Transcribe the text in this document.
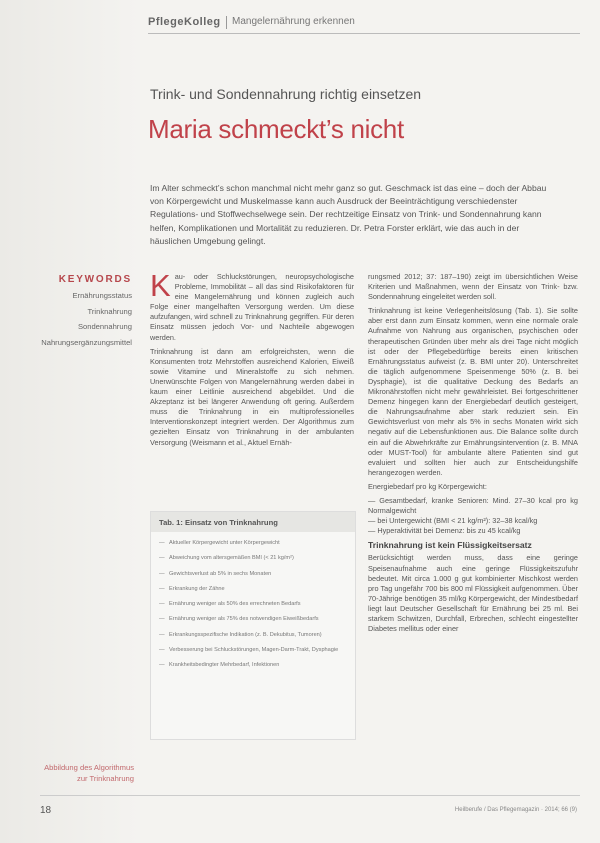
PflegeKolleg Mangelernährung erkennen
Trink- und Sondennahrung richtig einsetzen
Maria schmeckt’s nicht
Im Alter schmeckt’s schon manchmal nicht mehr ganz so gut. Geschmack ist das eine – doch der Abbau von Körpergewicht und Muskelmasse kann auch Ausdruck der Beeinträchtigung verschiedenster Regulations- und Stoffwechselwege sein. Der rechtzeitige Einsatz von Trink- und Sondennahrung kann helfen, Komplikationen und Mortalität zu reduzieren. Dr. Petra Forster erklärt, wie das auch in der häuslichen Umgebung gelingt.
KEYWORDS
Ernährungsstatus
Trinknahrung
Sondennahrung
Nahrungsergänzungsmittel

Kau- oder Schluckstörungen, neuropsychologische Probleme, Immobilität – all das sind Risikofaktoren für eine Mangelernährung und können zugleich auch Folge einer mangelhaften Versorgung werden. Um diese aufzufangen, wird schnell zu Trinknahrung gegriffen. Für deren Einsatz müssen jedoch Vor- und Nachteile abgewogen werden.

Trinknahrung ist dann am erfolgreichsten, wenn die Konsumenten trotz Mehrstoffen ausreichend Kalorien, Eiweiß sowie Vitamine und Mineralstoffe zu sich nehmen. Unerwünschte Folgen von Mangelernährung werden dabei in kaum einer Leitlinie ausreichend abgebildet. Und die Akzeptanz ist bei längerer Anwendung oft gering. Außerdem muss die Trinknahrung in ein multiprofessionelles Interventionskonzept integriert werden. Der Algorithmus zum gezielten Einsatz von Trinknahrung in der ambulanten Versorgung (Weismann et al., Aktuel Ernäh-

Tab. 1: Einsatz von Trinknahrung
— Aktueller Körpergewicht unter Körpergewicht
— Abweichung vom altersgemäßen BMI (< 21 kg/m²)
— Gewichtsverlust ab 5% in sechs Monaten
— Erkrankung der Zähne
— Ernährung weniger als 50% des errechneten Bedarfs
— Ernährung weniger als 75% des notwendigen Eiweißbedarfs
— Erkrankungsspezifische Indikation (z. B. Dekubitus, Tumoren)
— Verbesserung bei Schluckstörungen, Magen-Darm-Trakt, Dysphagie
— Krankheitsbedingter Mehrbedarf, Infektionen

rungsmed 2012; 37: 187–190) zeigt im übersichtlichen Weise Kriterien und Maßnahmen, wenn der Einsatz von Trink- bzw. Sondennahrung eingeleitet werden soll.

Trinknahrung ist keine Verlegenheitslösung (Tab. 1). Sie sollte aber erst dann zum Einsatz kommen, wenn eine normale orale Aufnahme von Nahrung aus organischen, psychischen oder therapeutischen Gründen über mehr als drei Tage nicht möglich ist oder der Pflegebedürftige bereits einen kritischen Ernährungsstatus aufweist (z. B. BMI unter 20). Unterschreitet die täglich aufgenommene Speisenmenge 50% (z. B. bei Dysphagie), ist die qualitative Deckung des Bedarfs an Mikronährstoffen nicht mehr gewährleistet. Bei fortgeschrittener Demenz hingegen kann der Energiebedarf deutlich gesteigert, die Nahrungsaufnahme aber stark reduziert sein. Ein Gewichtsverlust von mehr als 5% in sechs Monaten wirkt sich negativ auf die Lebensfunktionen aus. Die Balance sollte durch ein auf die Abwehrkräfte zur Ernährungsintervention (z. B. MNA oder MUST-Tool) für ambulante ältere Patienten sind gut evaluiert und sollten hier auch zur Entscheidungshilfe herangezogen werden.

Energiebedarf pro kg Körpergewicht:

— Gesamtbedarf, kranke Senioren: Mind. 27–30 kcal pro kg Normalgewicht
— bei Untergewicht (BMI < 21 kg/m²): 32–38 kcal/kg
— Hyperaktivität bei Demenz: bis zu 45 kcal/kg
Trinknahrung ist kein Flüssigkeitsersatz

Berücksichtigt werden muss, dass eine geringe Speisenaufnahme auch eine geringe Flüssigkeitszufuhr bedeutet. Mit circa 1.000 g gut kombinierter Mischkost werden pro Tag ungefähr 700 bis 800 ml Flüssigkeit aufgenommen. Über 70-Jährige benötigen 35 ml/kg Körpergewicht, der Mindestbedarf liegt laut Deutscher Gesellschaft für Ernährung bei 25 ml. Bei starkem Schwitzen, Durchfall, Erbrechen, schlecht eingestellter Diabetes mellitus oder einer

Abbildung des Algorithmus zur Trinknahrung
18	Heilberufe / Das Pflegemagazin · 2014; 66 (9)
